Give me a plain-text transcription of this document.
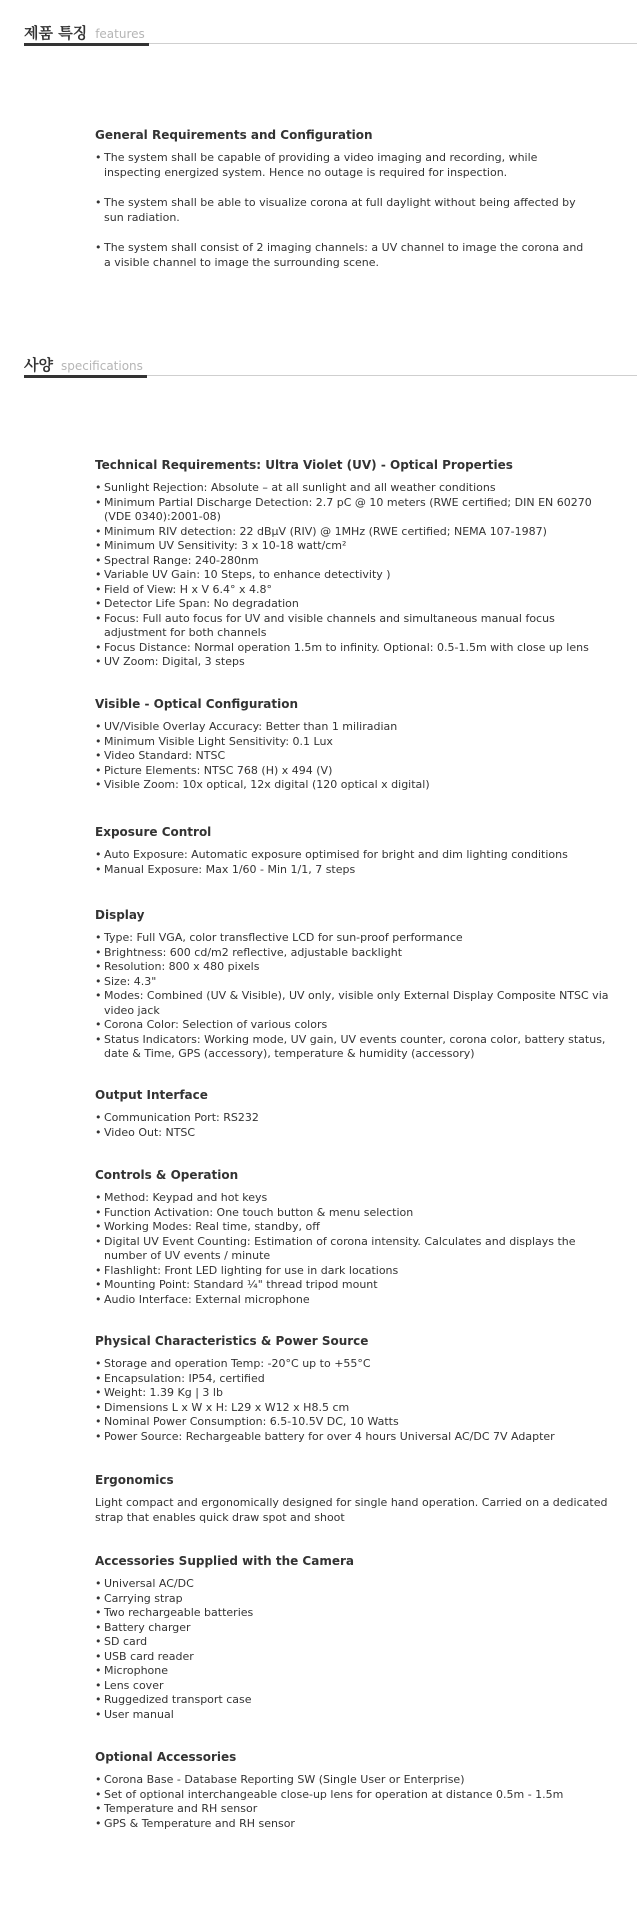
제품 특징 features
General Requirements and Configuration
• The system shall be capable of providing a video imaging and recording, while inspecting energized system. Hence no outage is required for inspection.
• The system shall be able to visualize corona at full daylight without being affected by sun radiation.
• The system shall consist of 2 imaging channels: a UV channel to image the corona and a visible channel to image the surrounding scene.
사양 specifications
Technical Requirements: Ultra Violet (UV) - Optical Properties
• Sunlight Rejection: Absolute – at all sunlight and all weather conditions
• Minimum Partial Discharge Detection: 2.7 pC @ 10 meters (RWE certified; DIN EN 60270 (VDE 0340):2001-08)
• Minimum RIV detection: 22 dBμV (RIV) @ 1MHz (RWE certified; NEMA 107-1987)
• Minimum UV Sensitivity: 3 x 10-18 watt/cm²
• Spectral Range: 240-280nm
• Variable UV Gain: 10 Steps, to enhance detectivity )
• Field of View: H x V 6.4° x 4.8°
• Detector Life Span: No degradation
• Focus: Full auto focus for UV and visible channels and simultaneous manual focus adjustment for both channels
• Focus Distance: Normal operation 1.5m to infinity. Optional: 0.5-1.5m with close up lens
• UV Zoom: Digital, 3 steps
Visible - Optical Configuration
• UV/Visible Overlay Accuracy: Better than 1 miliradian
• Minimum Visible Light Sensitivity: 0.1 Lux
• Video Standard: NTSC
• Picture Elements: NTSC 768 (H) x 494 (V)
• Visible Zoom: 10x optical, 12x digital (120 optical x digital)
Exposure Control
• Auto Exposure: Automatic exposure optimised for bright and dim lighting conditions
• Manual Exposure: Max 1/60 - Min 1/1, 7 steps
Display
• Type: Full VGA, color transflective LCD for sun-proof performance
• Brightness: 600 cd/m2 reflective, adjustable backlight
• Resolution: 800 x 480 pixels
• Size: 4.3"
• Modes: Combined (UV & Visible), UV only, visible only External Display Composite NTSC via video jack
• Corona Color: Selection of various colors
• Status Indicators: Working mode, UV gain, UV events counter, corona color, battery status, date & Time, GPS (accessory), temperature & humidity (accessory)
Output Interface
• Communication Port: RS232
• Video Out: NTSC
Controls & Operation
• Method: Keypad and hot keys
• Function Activation: One touch button & menu selection
• Working Modes: Real time, standby, off
• Digital UV Event Counting: Estimation of corona intensity. Calculates and displays the number of UV events / minute
• Flashlight: Front LED lighting for use in dark locations
• Mounting Point: Standard ¼" thread tripod mount
• Audio Interface: External microphone
Physical Characteristics & Power Source
• Storage and operation Temp: -20°C up to +55°C
• Encapsulation: IP54, certified
• Weight: 1.39 Kg | 3 lb
• Dimensions L x W x H: L29 x W12 x H8.5 cm
• Nominal Power Consumption: 6.5-10.5V DC, 10 Watts
• Power Source: Rechargeable battery for over 4 hours Universal AC/DC 7V Adapter
Ergonomics

Light compact and ergonomically designed for single hand operation. Carried on a dedicated strap that enables quick draw spot and shoot

Accessories Supplied with the Camera
• Universal AC/DC
• Carrying strap
• Two rechargeable batteries
• Battery charger
• SD card
• USB card reader
• Microphone
• Lens cover
• Ruggedized transport case
• User manual
Optional Accessories
• Corona Base - Database Reporting SW (Single User or Enterprise)
• Set of optional interchangeable close-up lens for operation at distance 0.5m - 1.5m
• Temperature and RH sensor
• GPS & Temperature and RH sensor
